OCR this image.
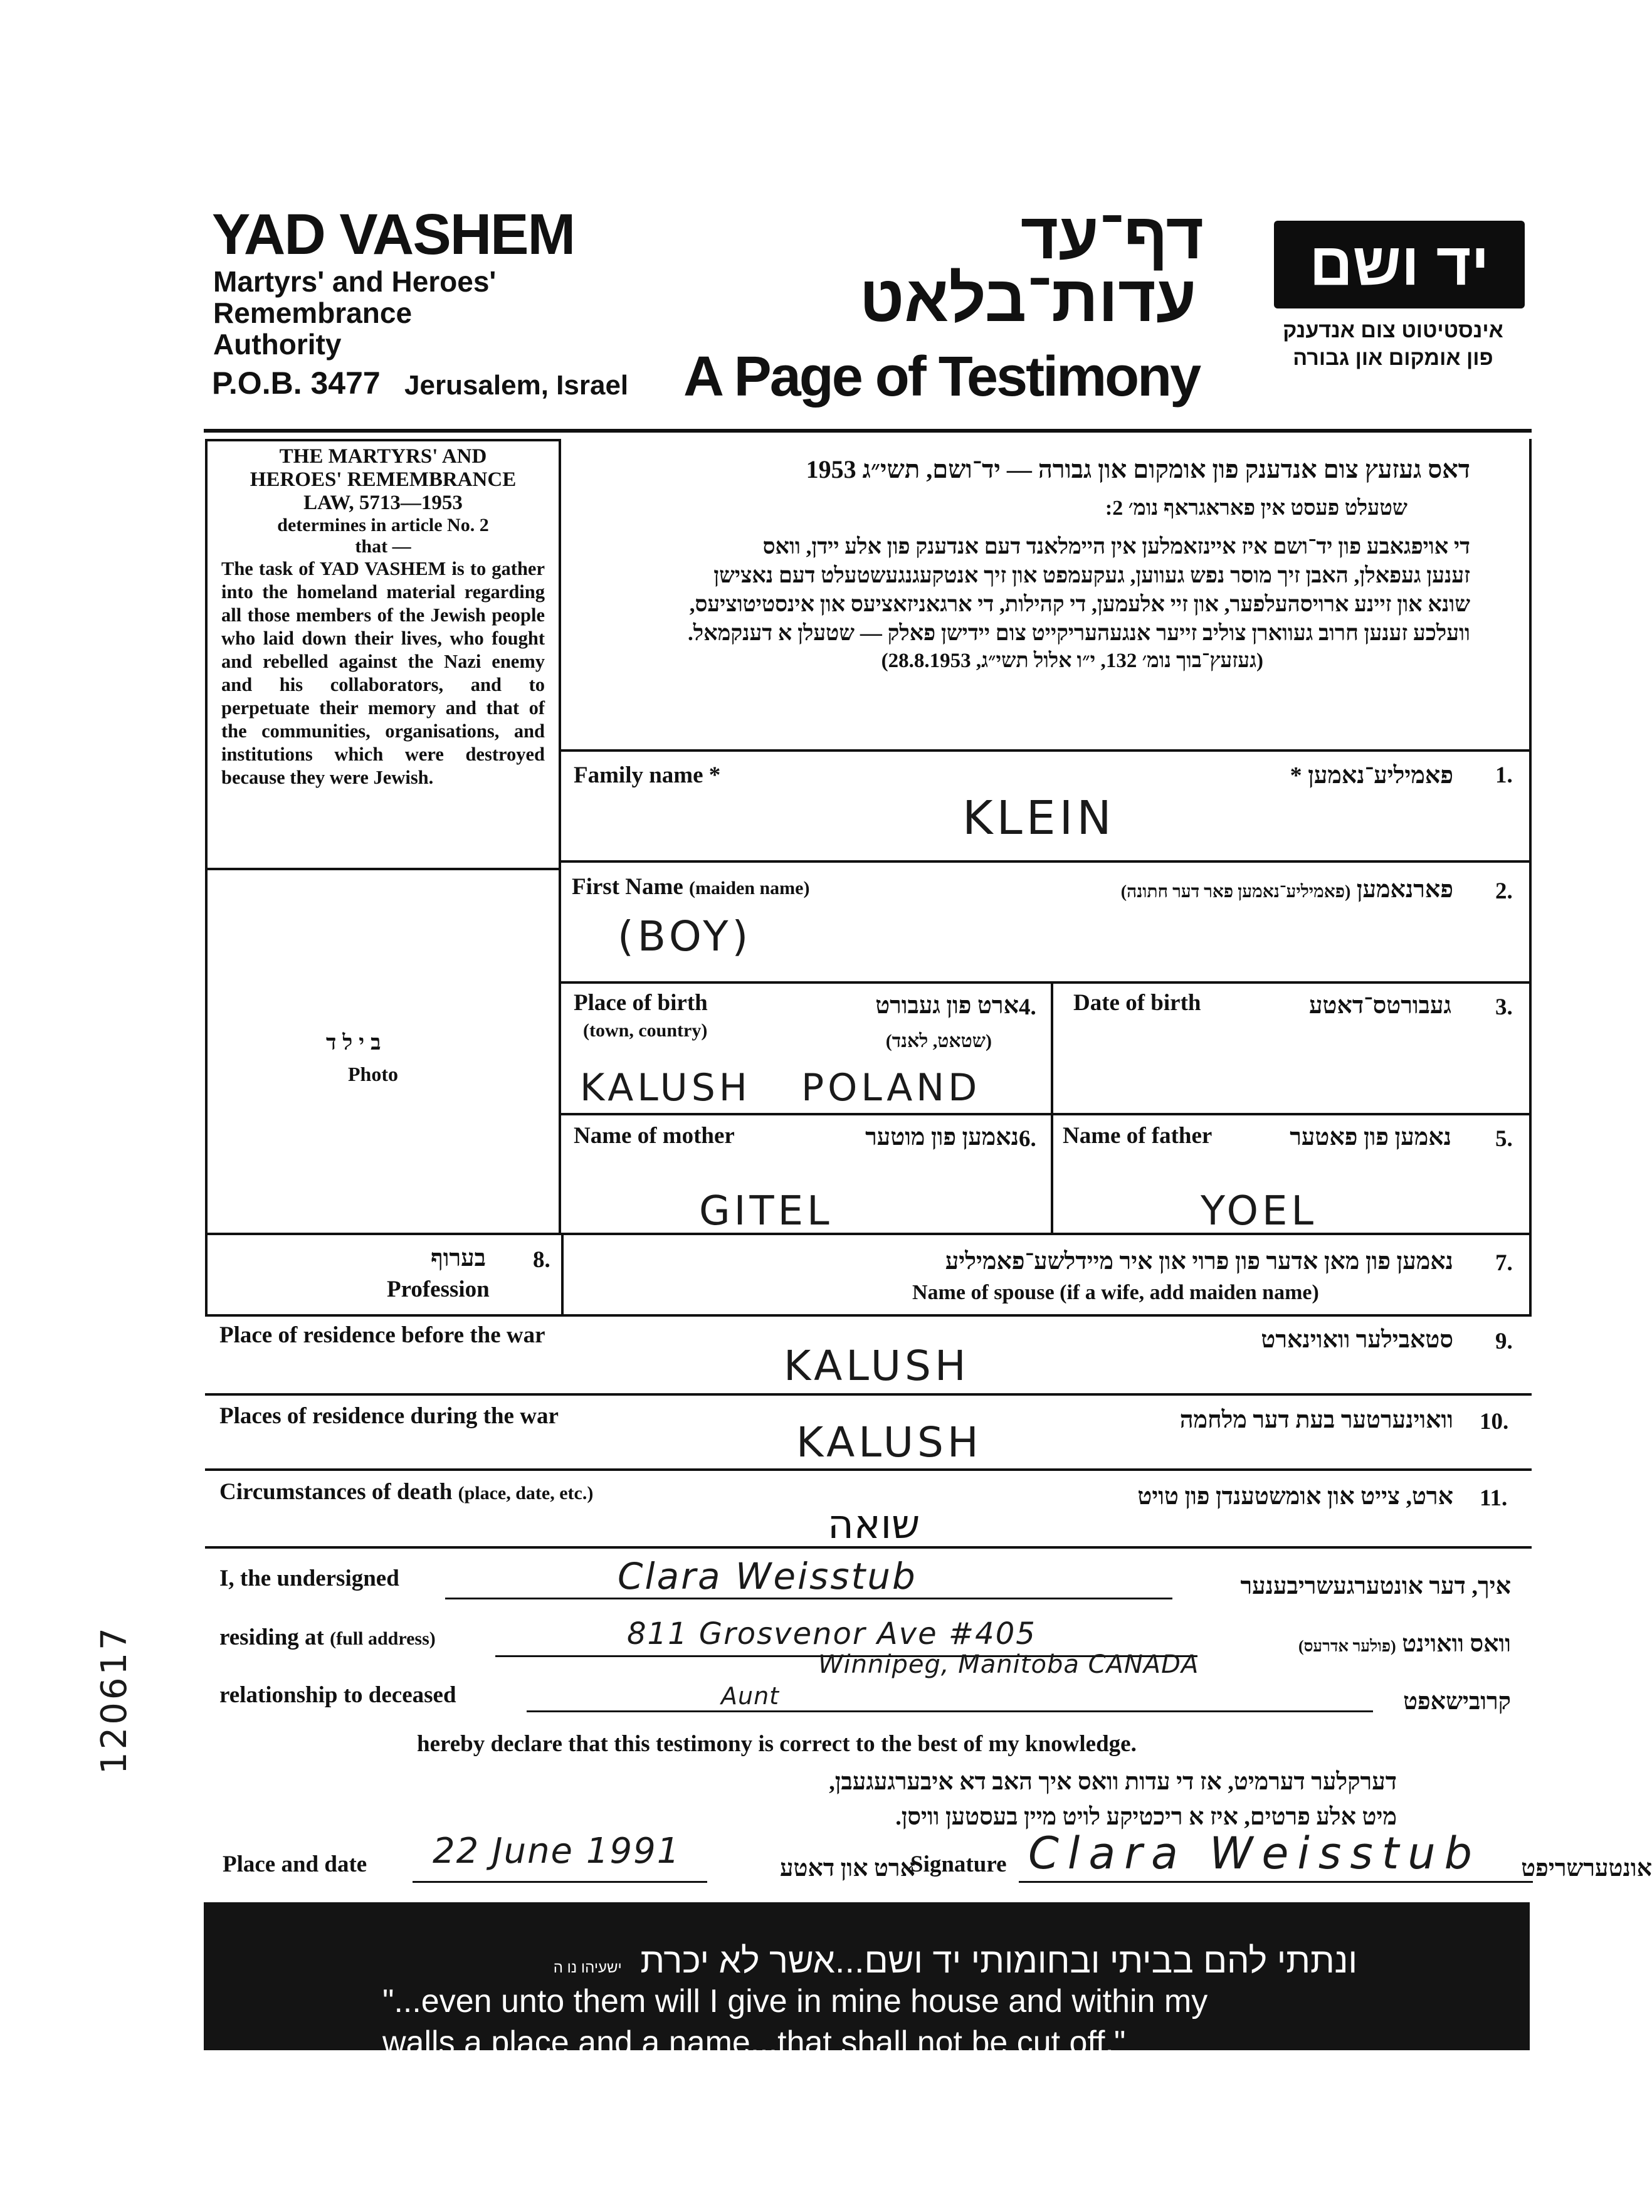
YAD VASHEM
Martyrs' and Heroes'
Remembrance
Authority
P.O.B. 3477 Jerusalem, Israel
דף־עד
עדות־בלאט
A Page of Testimony
יד ושם
אינסטיטוט צום אנדענק
פון אומקום און גבורה
THE MARTYRS' AND
HEROES' REMEMBRANCE
LAW, 5713—1953
determines in article No. 2
that —
The task of YAD VASHEM is to gather into the homeland material regarding all those members of the Jewish people who laid down their lives, who fought and rebelled against the Nazi enemy and his collaborators, and to perpetuate their memory and that of the communities, organisations, and institutions which were destroyed because they were Jewish.
דאס געזעץ צום אנדענק פון אומקום און גבורה — יד־ושם, תשי״ג 1953
שטעלט פעסט אין פאראגראף נומ׳ 2:
די אויפגאבע פון יד־ושם איז איינזאמלען אין היימלאנד דעם אנדענק פון אלע יידן, וואס
זענען געפאלן, האבן זיך מוסר נפש געווען, געקעמפט און זיך אנטקעגנגעשטעלט דעם נאצישן
שונא און זיינע ארויסהעלפער, און זיי אלעמען, די קהילות, די ארגאניזאציעס און אינסטיטוציעס,
וועלכע זענען חרוב געווארן צוליב זייער אנגעהעריקייט צום יידישן פאלק — שטעלן א דענקמאל.
(געזעץ־בוך נומ׳ 132, י״ו אלול תשי״ג, 28.8.1953)
בילד
Photo
Family name *	פאמיליע־נאמען * 1.
KLEIN
First Name (maiden name)	פארנאמען (פאמיליע־נאמען פאר דער חתונה)	2.
(BOY)
Place of birth
(town, country)
ארט פון געבורט
(שטאט, לאנד)
4.
KALUSH POLAND
Date of birth	געבורטס־דאטע 3.
Name of mother	נאמען פון מוטער 6.
GITEL
Name of father	נאמען פון פאטער 5.
YOEL
בערוף 8.
Profession
נאמען פון מאן אדער פון פרוי און איר מיידלשע־פאמיליע 7.
Name of spouse (if a wife, add maiden name)
Place of residence before the war	סטאבילער וואוינארט 9.
KALUSH
Places of residence during the war	וואוינערטער בעת דער מלחמה 10.
KALUSH
Circumstances of death (place, date, etc.)	ארט, צייט און אומשטענדן פון טויט 11.
שואה
I, the undersigned	Clara Weisstub	איך, דער אונטערגעשריבענער
residing at (full address)	811 Grosvenor Ave #405	וואס וואוינט (פולער אדרעס)
Winnipeg, Manitoba CANADA
relationship to deceased	Aunt	קרובישאפט
hereby declare that this testimony is correct to the best of my knowledge.
דערקלער דערמיט, אז די עדות וואס איך האב דא איבערגעגעבן,
מיט אלע פרטים, איז א ריכטיקע לויט מיין בעסטען וויסן.
Place and date 22 June 1991	ארט און דאטע
Signature Clara Weisstub אונטערשריפט
120617
ונתתי להם בביתי ובחומותי יד ושם...אשר לא יכרת ישעיהו נו ה
"...even unto them will I give in mine house and within my
walls a place and a name...that shall not be cut off."
